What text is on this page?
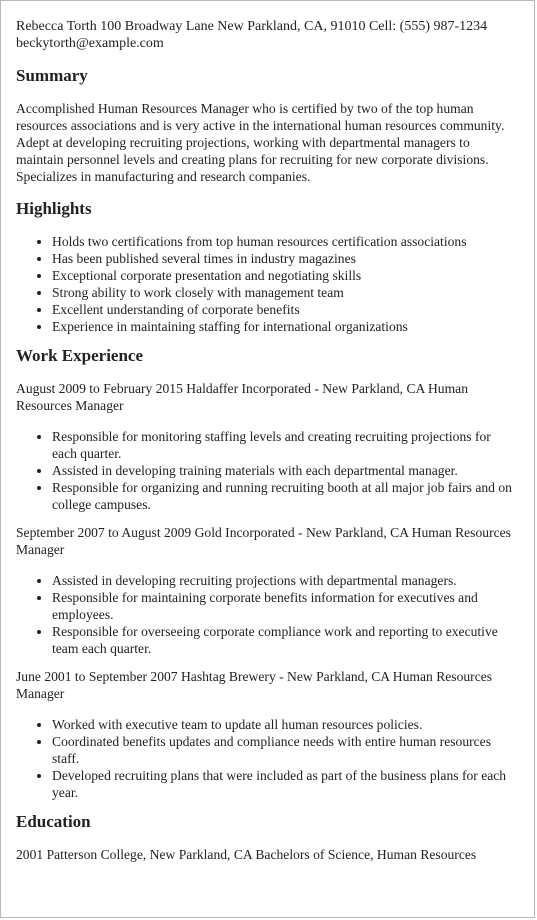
Rebecca Torth 100 Broadway Lane New Parkland, CA, 91010 Cell: (555) 987-1234
beckytorth@example.com
Summary
Accomplished Human Resources Manager who is certified by two of the top human resources associations and is very active in the international human resources community. Adept at developing recruiting projections, working with departmental managers to maintain personnel levels and creating plans for recruiting for new corporate divisions. Specializes in manufacturing and research companies.
Highlights
• Holds two certifications from top human resources certification associations
• Has been published several times in industry magazines
• Exceptional corporate presentation and negotiating skills
• Strong ability to work closely with management team
• Excellent understanding of corporate benefits
• Experience in maintaining staffing for international organizations
Work Experience
August 2009 to February 2015 Haldaffer Incorporated - New Parkland, CA Human Resources Manager
• Responsible for monitoring staffing levels and creating recruiting projections for each quarter.
• Assisted in developing training materials with each departmental manager.
• Responsible for organizing and running recruiting booth at all major job fairs and on college campuses.
September 2007 to August 2009 Gold Incorporated - New Parkland, CA Human Resources Manager
• Assisted in developing recruiting projections with departmental managers.
• Responsible for maintaining corporate benefits information for executives and employees.
• Responsible for overseeing corporate compliance work and reporting to executive team each quarter.
June 2001 to September 2007 Hashtag Brewery - New Parkland, CA Human Resources Manager
• Worked with executive team to update all human resources policies.
• Coordinated benefits updates and compliance needs with entire human resources staff.
• Developed recruiting plans that were included as part of the business plans for each year.
Education
2001 Patterson College, New Parkland, CA Bachelors of Science, Human Resources
